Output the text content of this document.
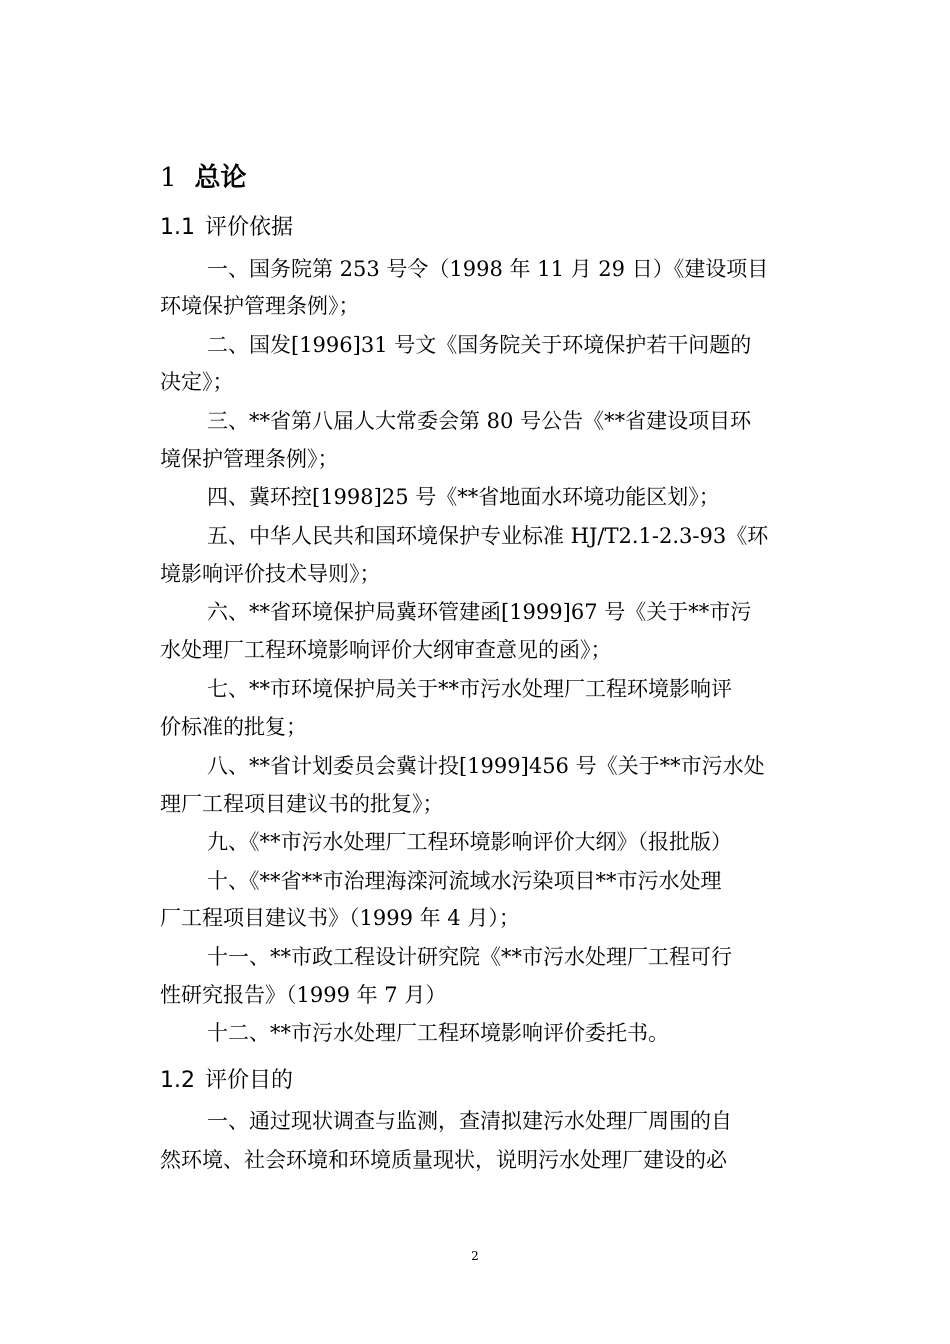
1 总论
1.1 评价依据
一、国务院第 253 号令（1998 年 11 月 29 日）《建设项目
环境保护管理条例》；
二、国发[1996]31 号文《国务院关于环境保护若干问题的
决定》；
三、**省第八届人大常委会第 80 号公告《**省建设项目环
境保护管理条例》；
四、冀环控[1998]25 号《**省地面水环境功能区划》；
五、中华人民共和国环境保护专业标准 HJ/T2.1-2.3-93《环
境影响评价技术导则》；
六、**省环境保护局冀环管建函[1999]67 号《关于**市污
水处理厂工程环境影响评价大纲审查意见的函》；
七、**市环境保护局关于**市污水处理厂工程环境影响评
价标准的批复；
八、**省计划委员会冀计投[1999]456 号《关于**市污水处
理厂工程项目建议书的批复》；
九、《**市污水处理厂工程环境影响评价大纲》（报批版）
十、《**省**市治理海滦河流域水污染项目**市污水处理
厂工程项目建议书》（1999 年 4 月）；
十一、**市政工程设计研究院《**市污水处理厂工程可行
性研究报告》（1999 年 7 月）
十二、**市污水处理厂工程环境影响评价委托书。
1.2 评价目的
一、通过现状调查与监测，查清拟建污水处理厂周围的自
然环境、社会环境和环境质量现状，说明污水处理厂建设的必
2
